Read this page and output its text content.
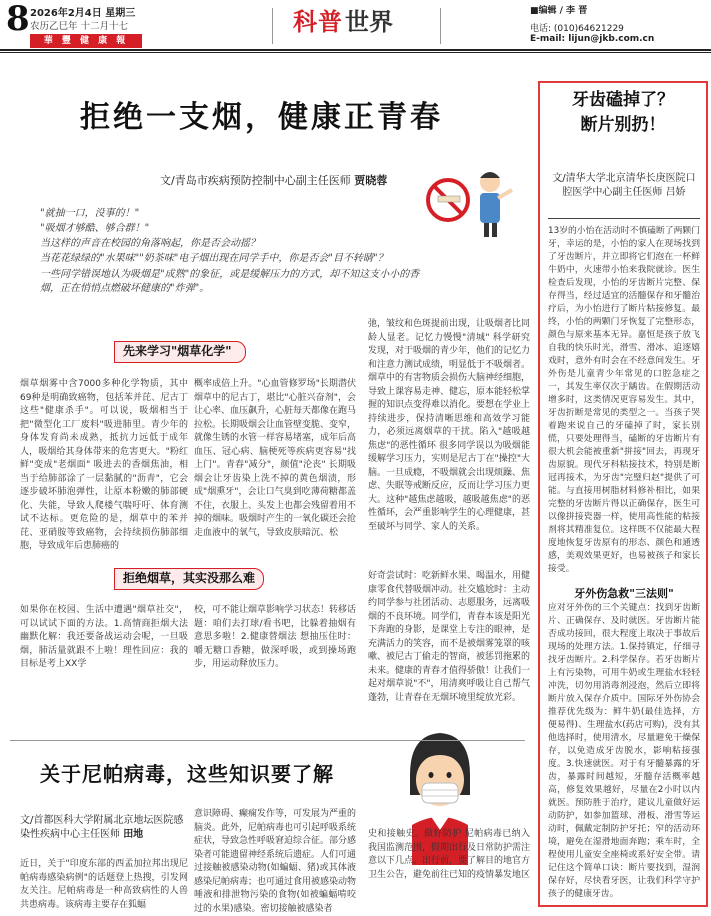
8 2026年2月4日 星期三
农历乙巳年 十二月十七
華 豐 健 康 報
科普 世界	■编辑 / 李 晋
电话: (010)64621229
E-mail: lijun@jkb.com.cn
拒绝一支烟，健康正青春
文/青岛市疾病预防控制中心副主任医师 贾晓蓉

"就抽一口，没事的！"

"吸烟才够酷、够合群！"

当这样的声音在校园的角落响起，你是否会动摇？

当花花绿绿的"水果味""奶茶味"电子烟出现在同学手中，你是否会"目不转睛"？

一些同学错误地认为吸烟是"成熟"的象征，或是缓解压力的方式，却不知这支小小的香烟，正在悄悄点燃破坏健康的"炸弹"。
先来学习"烟草化学"
烟草烟雾中含7000多种化学物质，其中69种是明确致癌物，包括苯并芘、尼古丁这些"健康杀手"。可以说，吸烟相当于把"微型化工厂废料"吸进肺里。青少年的身体发育尚未成熟，抵抗力远低于成年人，吸烟给其身体带来的危害更大。"粉红鲜"变成"老烟面" 吸进去的香烟焦油，相当于给肺部涂了一层黏腻的"沥青"，它会逐步破坏肺泡弹性，让原本粉嫩的肺部硬化、失能，导致人爬楼气喘吁吁、体育测试不达标。更危险的是，烟草中的苯并芘、亚硝胺等致癌物，会持续损伤肺部细胞，导致成年后患肺癌的
概率成倍上升。"心血管修罗场"长期潜伏 烟草中的尼古丁，堪比"心脏兴奋剂"，会让心率、血压飙升，心脏每天都像在跑马拉松。长期吸烟会让血管壁变脆、变窄，就像生锈的水管一样容易堵塞，成年后高血压、冠心病、脑梗死等疾病更容易"找上门"。青春"减分"，颜值"沦丧" 长期吸烟会让牙齿染上洗不掉的黄色烟渍，形成"烟熏牙"，会让口气臭到吃薄荷糖都盖不住，衣服上、头发上也都会残留着用不掉的烟味。吸烟时产生的一氧化碳还会抢走血液中的氧气，导致皮肤暗沉、松
弛，皱纹和色斑提前出现，让吸烟者比同龄人显老。记忆力慢慢"清城" 科学研究发现，对于吸烟的青少年，他们的记忆力和注意力测试成绩，明显低于不吸烟者。烟草中的有害物质会损伤大脑神经细胞，导致上课容易走神、健忘，原本能轻松掌握的知识点变得难以消化。要想在学业上持续进步，保持清晰思维和高效学习能力，必须远离烟草的干扰。陷入"越吸越焦虑"的恶性循环 很多同学误以为吸烟能缓解学习压力，实则是尼古丁在"操控"大脑。一旦成瘾，不吸烟就会出现烦躁、焦虑、失眠等戒断反应，反而让学习压力更大。这种"越焦虑越吸，越吸越焦虑"的恶性循环，会严重影响学生的心理健康，甚至破坏与同学、家人的关系。
拒绝烟草，其实没那么难
如果你在校园、生活中遭遇"烟草社交"，可以试试下面的方法。1.高情商拒烟大法 幽默化解：我还要备战运动会呢，一旦吸烟，肺活量就跟不上啦！理性回应：我的目标是考上XX学
校，可不能让烟草影响学习状态！转移话题：咱们去打球/看书吧，比躲着抽烟有意思多啦！2.健康替烟法 想抽压住时：嚼无糖口香糖，做深呼吸，或到操场跑步，用运动释放压力。
好奇尝试时：吃新鲜水果、喝温水，用健康零食代替吸烟冲动。社交尴尬时：主动约同学参与社团活动、志愿服务，远离吸烟的不良环境。同学们，青春本该是阳光下奔跑的身影，是课堂上专注的眼神，是充满活力的笑容，而不是被烟雾笼罩的咳嗽、被尼古丁偷走的智商，被惩罚拖累的未来。健康的青春才值得骄傲！让我们一起对烟草说"不"，用清爽呼吸让自己帮气蓬勃，让青春在无烟环境里绽放光彩。
关于尼帕病毒，这些知识要了解
文/首都医科大学附属北京地坛医院感染性疾病中心主任医师 田地
近日，关于"印度东部的西孟加拉邦出现尼帕病毒感染病例"的话题登上热搜，引发网友关注。尼帕病毒是一种高致病性的人兽共患病毒。该病毒主要存在狐蝠
意识障碍、癫痫发作等，可发展为严重的脑炎。此外，尼帕病毒也可引起呼吸系统症状，导致急性呼吸窘迫综合征。部分感染者可能遗留神经系统后遗症。人们可通过接触被感染动物(如蝙蝠、猪)或其体液感染尼帕病毒；也可通过食用被感染动物唾液和排泄物污染的食物(如被蝙蝠啃咬过的水果)感染。密切接触被感染者
史和接触史。做好防护 尼帕病毒已纳入我国监测范围，假期出行及日常防护需注意以下几点。出行前，要了解目的地官方卫生公告，避免前往已知的疫情暴发地区
牙齿磕掉了？
断片别扔！
文/清华大学北京清华长庚医院口腔医学中心副主任医师 吕娇
13岁的小怡在活动时不慎磕断了两颗门牙，幸运的是，小怡的家人在现场找到了牙齿断片，并立即将它们泡在一杯鲜牛奶中，火速带小怡来我院就诊。医生检查后发现，小怡的牙齿断片完整、保存得当，经过适宜的活髓保存和牙髓治疗后，为小怡进行了断片粘接修复。最终，小怡的两颗门牙恢复了完整形态，颜色与原来基本无异。嘉恒是孩子放飞自我的快乐时光，滑雪、滑冰、追逐嬉戏时，意外有时会在不经意间发生。牙外伤是儿童青少年常见的口腔急症之一，其发生率仅次于龋齿。在假期活动增多时，这类情况更容易发生。其中，牙齿折断是常见的类型之一。当孩子哭着跑来说自己的牙磕掉了时，家长别慌，只要处理得当，磕断的牙齿断片有很大机会能被重新"拼接"回去，再现牙齿原貌。现代牙科粘接技术，特别是断冠再接术，为牙齿"完璧归赵"提供了可能。与直接用树脂材料修补相比，如果完整的牙齿断片得以正确保存，医生可以像拼接瓷器一样，使用高性能的粘接剂将其精准复位。这样既不仅能最大程度地恢复牙齿原有的形态、颜色和通透感，美观效果更好，也易被孩子和家长接受。
牙外伤急救"三法则"
应对牙外伤的三个关键点：找到牙齿断片、正确保存、及时就医。牙齿断片能否成功接回，很大程度上取决于事故后现场的处理方法。1.保持镇定，仔细寻找牙齿断片。2.科学保存。若牙齿断片上有污染物，可用牛奶或生理盐水轻轻冲洗，切勿用消毒剂浸泡，然后立即将断片放入保存介质中。国际牙外伤协会推荐优先级为：鲜牛奶(最佳选择，方便易得)、生理盐水(药店可购)，没有其他选择时，使用清水，尽量避免干燥保存，以免造成牙齿脱水，影响粘接强度。3.快速就医。对于有牙髓暴露的牙齿，暴露时间越短，牙髓存活概率越高，修复效果越好，尽量在2小时以内就医。预防胜于治疗，建议儿童做好运动防护，如参加篮球、滑板、滑雪等运动时，佩戴定制防护牙托；窄的活动环境，避免在湿滑地面奔跑；乘车时，全程使用儿童安全座椅或系好安全带。请记住这个简单口诀：断片要找到，湿润保存好，尽快看牙医，让我们科学守护孩子的健康牙齿。
